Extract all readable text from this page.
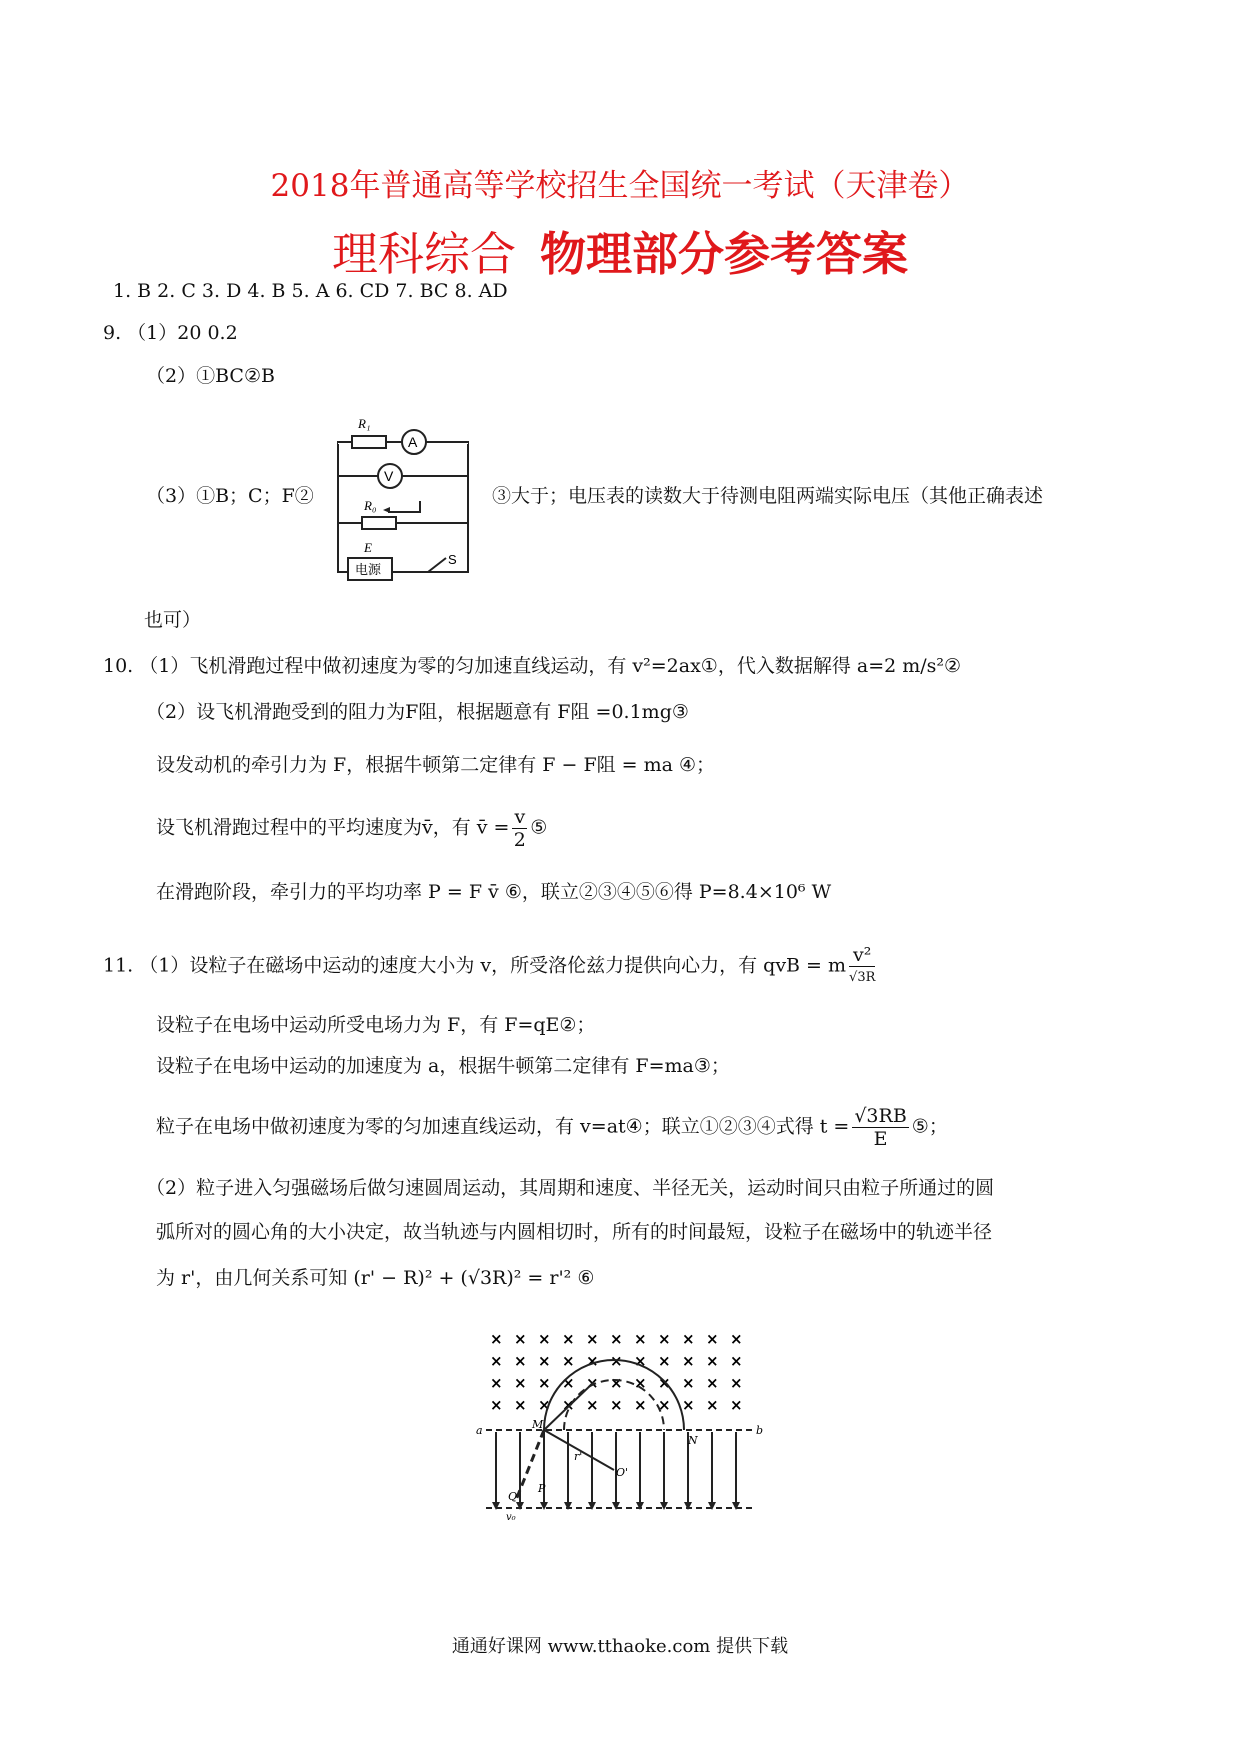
2018年普通高等学校招生全国统一考试（天津卷）
理科综合 物理部分参考答案
1. B 2. C 3. D 4. B 5. A 6. CD 7. BC 8. AD
9. （1）20 0.2
（2）①BC②B
（3）①B；C；F②	③大于；电压表的读数大于待测电阻两端实际电压（其他正确表述
也可）
R₁
A
V
R₀
E
电源
S
10. （1）飞机滑跑过程中做初速度为零的匀加速直线运动，有 v²=2ax①，代入数据解得 a=2 m/s²②
（2）设飞机滑跑受到的阻力为F阻，根据题意有 F阻 =0.1mg③
设发动机的牵引力为 F，根据牛顿第二定律有 F − F阻 = ma ④；
设飞机滑跑过程中的平均速度为v̄，有 v̄ = $\frac{v}{2}$ ⑤
在滑跑阶段，牵引力的平均功率 P = F v̄ ⑥，联立②③④⑤⑥得 P=8.4×10⁶ W
11. （1）设粒子在磁场中运动的速度大小为 v，所受洛伦兹力提供向心力，有 qvB = m $\frac{\text{v²}}{√3R}$
设粒子在电场中运动所受电场力为 F，有 F=qE②；
设粒子在电场中运动的加速度为 a，根据牛顿第二定律有 F=ma③；
粒子在电场中做初速度为零的匀加速直线运动，有 v=at④；联立①②③④式得 $t = \frac{√3RB}{E}$ ⑤；
（2）粒子进入匀强磁场后做匀速圆周运动，其周期和速度、半径无关，运动时间只由粒子所通过的圆
弧所对的圆心角的大小决定，故当轨迹与内圆相切时，所有的时间最短，设粒子在磁场中的轨迹半径
为 r'，由几何关系可知 (r' − R)² + (√3R)² = r'² ⑥
× × × × × × × × × × ×
× × × × × × × × × × ×
× × × × × × × × × × ×
× × × × × × × × × × ×
a	b
M
N
O'
r'
P
Q
v₀
通通好课网 www.tthaoke.com 提供下载
